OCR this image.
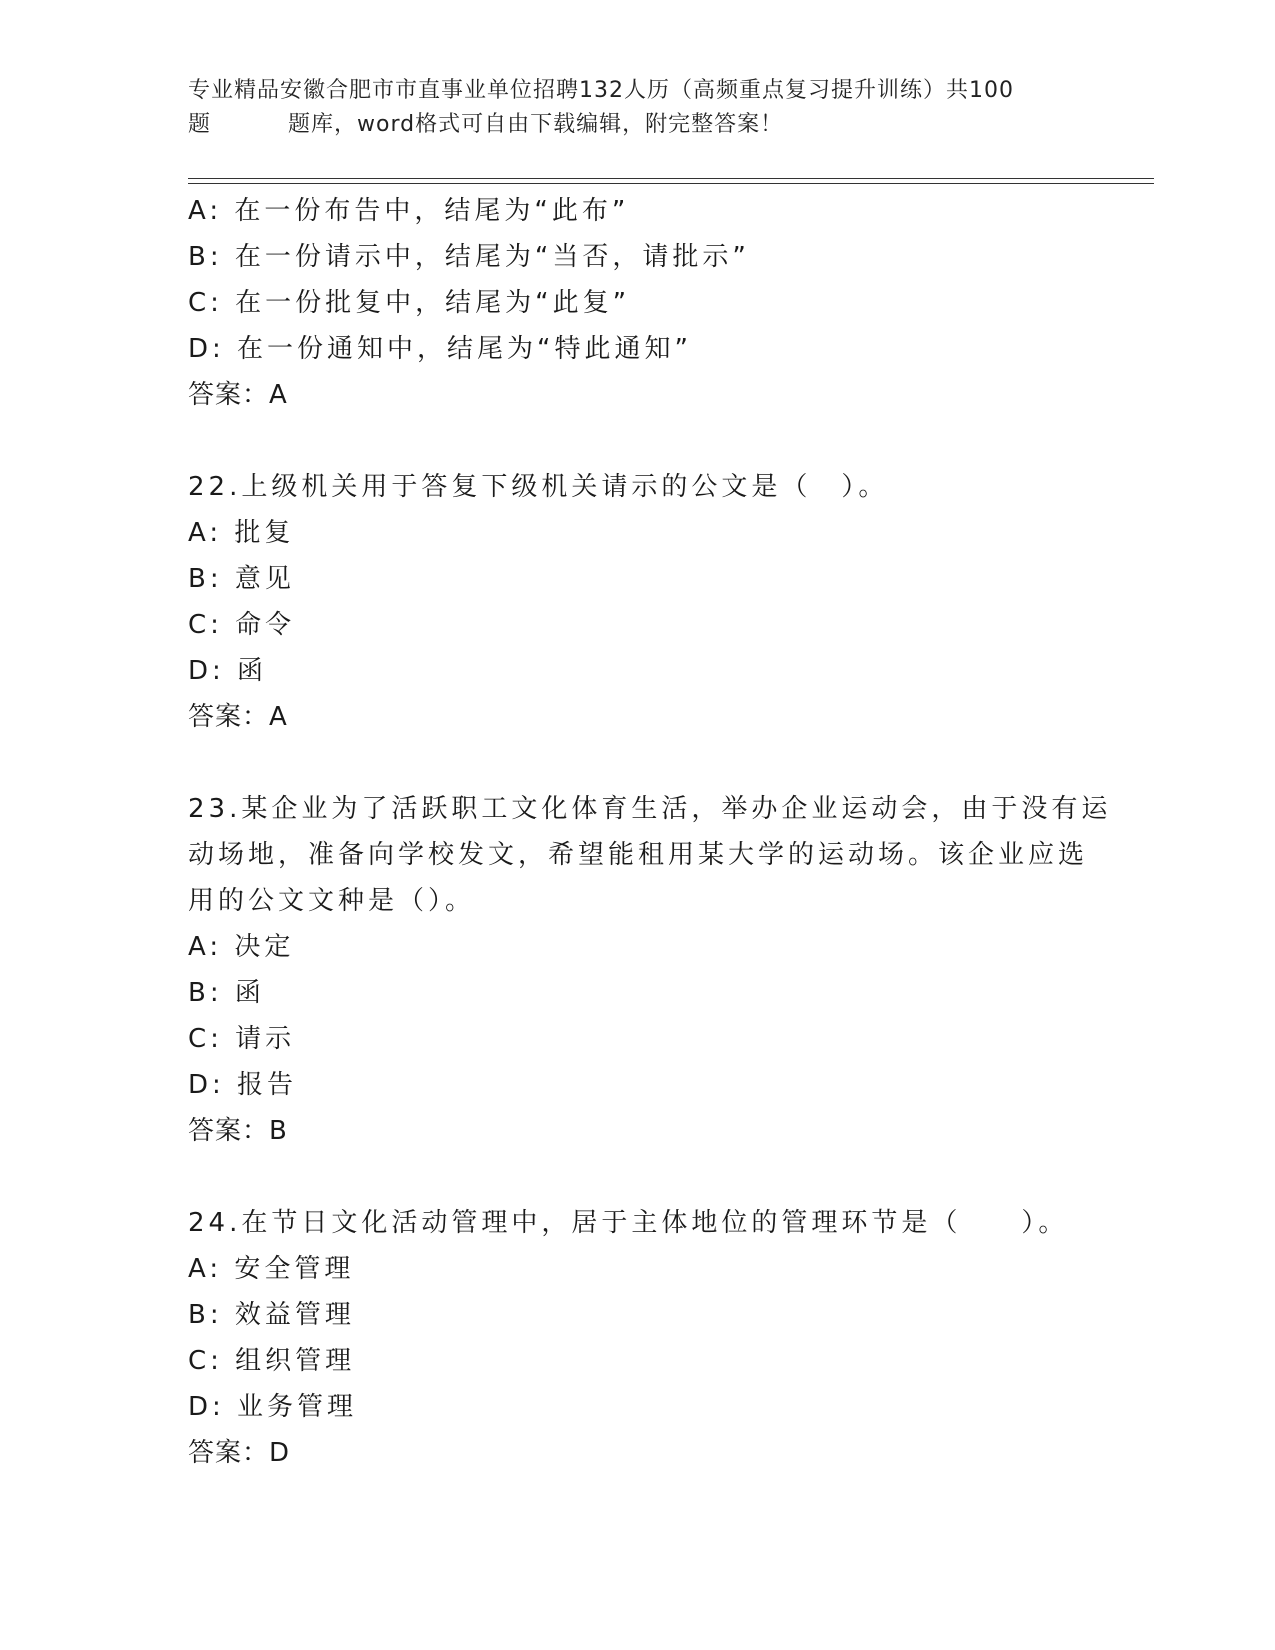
专业精品安徽合肥市市直事业单位招聘132人历（高频重点复习提升训练）共100
题	题库，word格式可自由下载编辑，附完整答案！
A: 在一份布告中，结尾为“此布”
B: 在一份请示中，结尾为“当否，请批示”
C: 在一份批复中，结尾为“此复”
D: 在一份通知中，结尾为“特此通知”
答案：A
22.上级机关用于答复下级机关请示的公文是（　）。
A: 批复
B: 意见
C: 命令
D: 函
答案：A
23.某企业为了活跃职工文化体育生活，举办企业运动会，由于没有运
动场地，准备向学校发文，希望能租用某大学的运动场。该企业应选
用的公文文种是（）。
A: 决定
B: 函
C: 请示
D: 报告
答案：B
24.在节日文化活动管理中，居于主体地位的管理环节是（　　）。
A: 安全管理
B: 效益管理
C: 组织管理
D: 业务管理
答案：D
